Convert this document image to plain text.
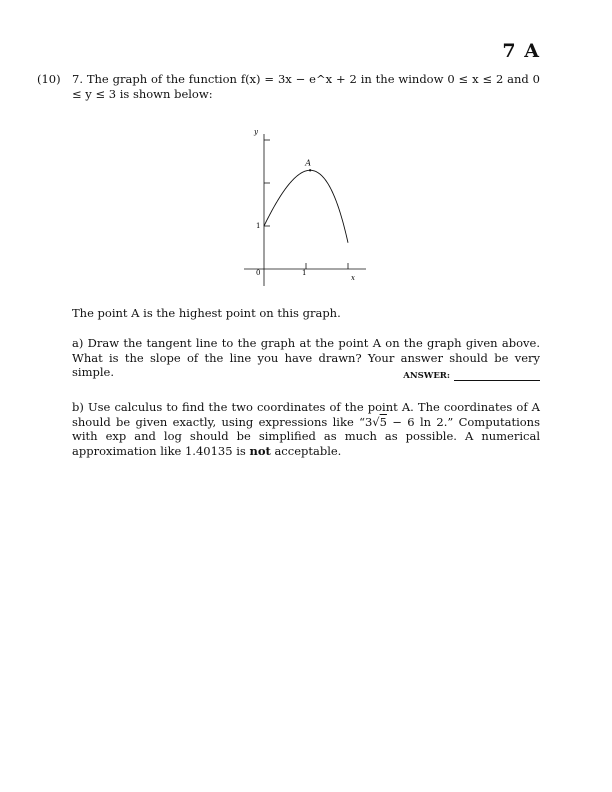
7 A
(10) 7. The graph of the function f(x) = 3x − e^x + 2 in the window 0 ≤ x ≤ 2 and 0 ≤ y ≤ 3 is shown below:
A
y
x
0
1
1
The point A is the highest point on this graph.
a) Draw the tangent line to the graph at the point A on the graph given above. What is the slope of the line you have drawn? Your answer should be very simple.	ANSWER:
b) Use calculus to find the two coordinates of the point A. The coordinates of A should be given exactly, using expressions like “3√5 − 6 ln 2.” Computations with exp and log should be simplified as much as possible. A numerical approximation like 1.40135 is not acceptable.
